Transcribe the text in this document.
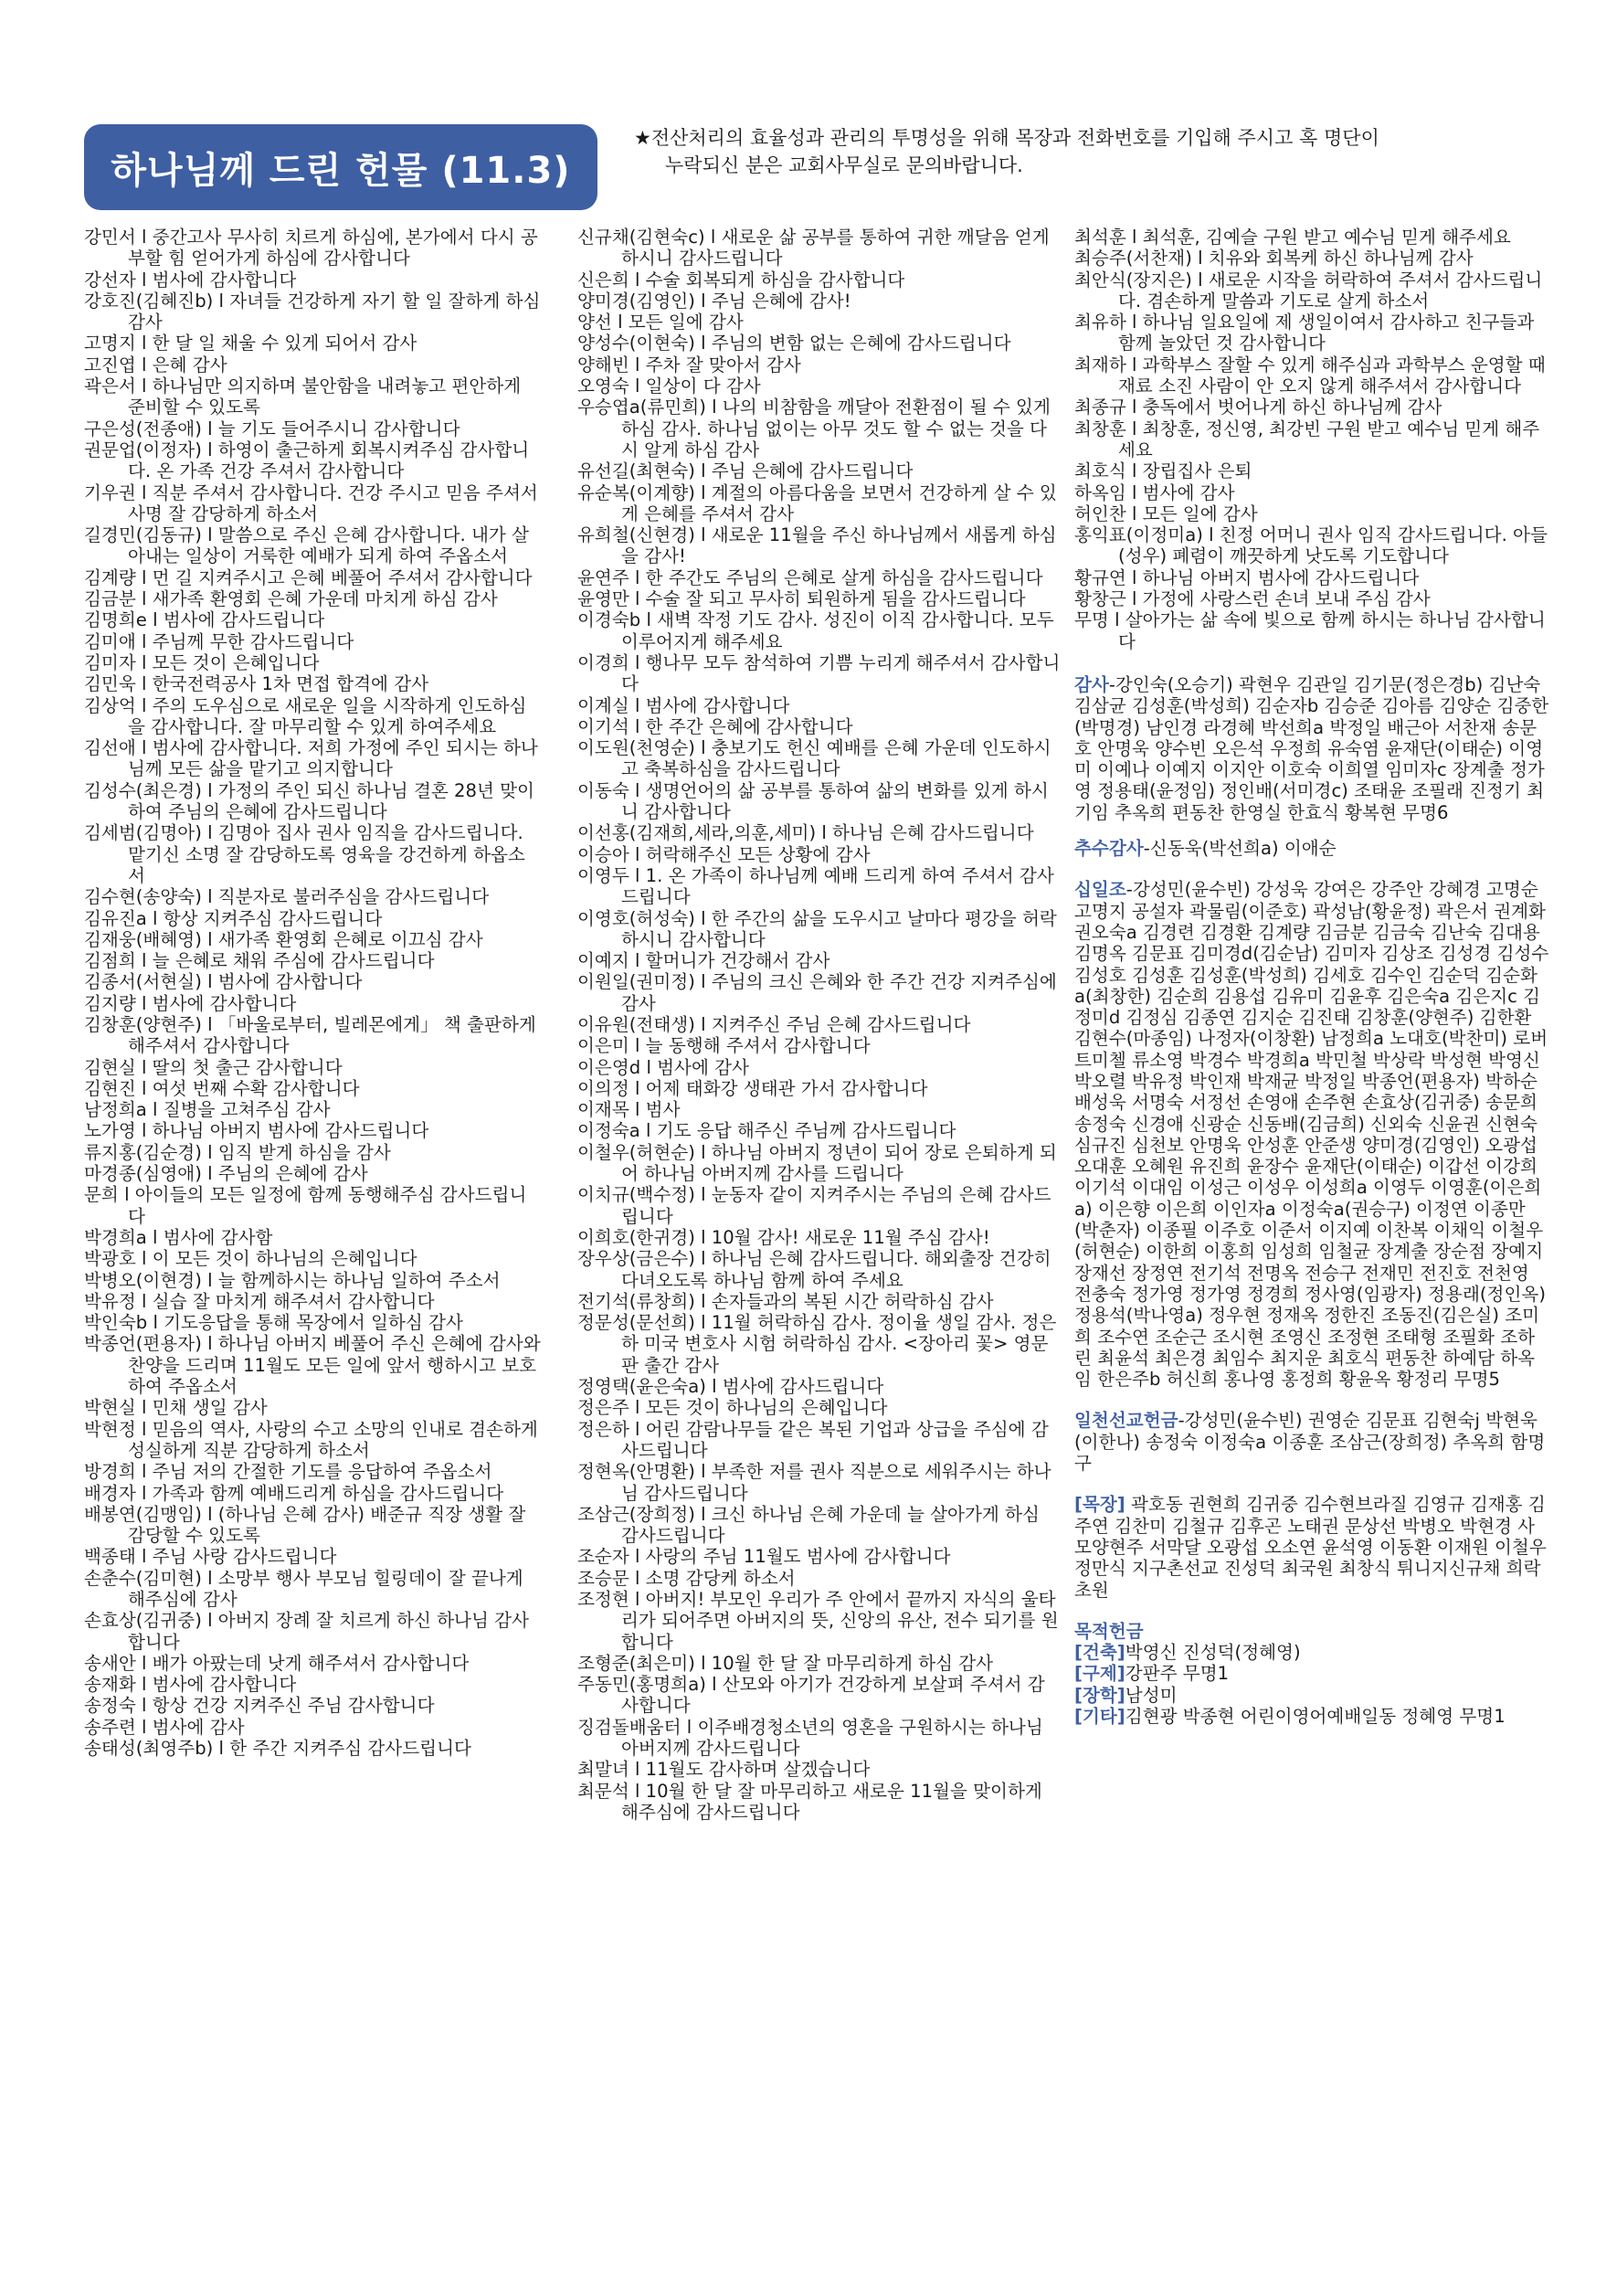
하나님께 드린 헌물 (11.3)
★전산처리의 효율성과 관리의 투명성을 위해 목장과 전화번호를 기입해 주시고 혹 명단이
누락되신 분은 교회사무실로 문의바랍니다.

강민서 l 중간고사 무사히 치르게 하심에, 본가에서 다시 공부할 힘 얻어가게 하심에 감사합니다

강선자 l 범사에 감사합니다

강호진(김혜진b) l 자녀들 건강하게 자기 할 일 잘하게 하심 감사

고명지 l 한 달 일 채울 수 있게 되어서 감사

고진엽 l 은혜 감사

곽은서 l 하나님만 의지하며 불안함을 내려놓고 편안하게 준비할 수 있도록

구은성(전종애) l 늘 기도 들어주시니 감사합니다

권문업(이정자) l 하영이 출근하게 회복시켜주심 감사합니다. 온 가족 건강 주셔서 감사합니다

기우권 l 직분 주셔서 감사합니다. 건강 주시고 믿음 주셔서 사명 잘 감당하게 하소서

길경민(김동규) l 말씀으로 주신 은혜 감사합니다. 내가 살아내는 일상이 거룩한 예배가 되게 하여 주옵소서

김계량 l 먼 길 지켜주시고 은혜 베풀어 주셔서 감사합니다

김금분 l 새가족 환영회 은혜 가운데 마치게 하심 감사

김명희e l 범사에 감사드립니다

김미애 l 주님께 무한 감사드립니다

김미자 l 모든 것이 은혜입니다

김민욱 l 한국전력공사 1차 면접 합격에 감사

김상억 l 주의 도우심으로 새로운 일을 시작하게 인도하심을 감사합니다. 잘 마무리할 수 있게 하여주세요

김선애 l 범사에 감사합니다. 저희 가정에 주인 되시는 하나님께 모든 삶을 맡기고 의지합니다

김성수(최은경) l 가정의 주인 되신 하나님 결혼 28년 맞이하여 주님의 은혜에 감사드립니다

김세범(김명아) l 김명아 집사 권사 임직을 감사드립니다. 맡기신 소명 잘 감당하도록 영육을 강건하게 하옵소서

김수현(송양숙) l 직분자로 불러주심을 감사드립니다

김유진a l 항상 지켜주심 감사드립니다

김재웅(배혜영) l 새가족 환영회 은혜로 이끄심 감사

김점희 l 늘 은혜로 채워 주심에 감사드립니다

김종서(서현실) l 범사에 감사합니다

김지량 l 범사에 감사합니다

김창훈(양현주) l 「바울로부터, 빌레몬에게」 책 출판하게 해주셔서 감사합니다

김현실 l 딸의 첫 출근 감사합니다

김현진 l 여섯 번째 수확 감사합니다

남정희a l 질병을 고쳐주심 감사

노가영 l 하나님 아버지 범사에 감사드립니다

류지홍(김순경) l 임직 받게 하심을 감사

마경종(심영애) l 주님의 은혜에 감사

문희 l 아이들의 모든 일정에 함께 동행해주심 감사드립니다

박경희a l 범사에 감사함

박광호 l 이 모든 것이 하나님의 은혜입니다

박병오(이현경) l 늘 함께하시는 하나님 일하여 주소서

박유정 l 실습 잘 마치게 해주셔서 감사합니다

박인숙b l 기도응답을 통해 목장에서 일하심 감사

박종언(편용자) l 하나님 아버지 베풀어 주신 은혜에 감사와 찬양을 드리며 11월도 모든 일에 앞서 행하시고 보호하여 주옵소서

박현실 l 민채 생일 감사

박현정 l 믿음의 역사, 사랑의 수고 소망의 인내로 겸손하게 성실하게 직분 감당하게 하소서

방경희 l 주님 저의 간절한 기도를 응답하여 주옵소서

배경자 l 가족과 함께 예배드리게 하심을 감사드립니다

배봉연(김맹임) l (하나님 은혜 감사) 배준규 직장 생활 잘 감당할 수 있도록

백종태 l 주님 사랑 감사드립니다

손춘수(김미현) l 소망부 행사 부모님 힐링데이 잘 끝나게 해주심에 감사

손효상(김귀중) l 아버지 장례 잘 치르게 하신 하나님 감사합니다

송새안 l 배가 아팠는데 낫게 해주셔서 감사합니다

송재화 l 범사에 감사합니다

송정숙 l 항상 건강 지켜주신 주님 감사합니다

송주련 l 범사에 감사

송태성(최영주b) l 한 주간 지켜주심 감사드립니다

신규채(김현숙c) l 새로운 삶 공부를 통하여 귀한 깨달음 얻게 하시니 감사드립니다

신은희 l 수술 회복되게 하심을 감사합니다

양미경(김영인) l 주님 은혜에 감사!

양선 l 모든 일에 감사

양성수(이현숙) l 주님의 변함 없는 은혜에 감사드립니다

양해빈 l 주차 잘 맞아서 감사

오영숙 l 일상이 다 감사

우승엽a(류민희) l 나의 비참함을 깨달아 전환점이 될 수 있게 하심 감사. 하나님 없이는 아무 것도 할 수 없는 것을 다시 알게 하심 감사

유선길(최현숙) l 주님 은혜에 감사드립니다

유순복(이계향) l 계절의 아름다움을 보면서 건강하게 살 수 있게 은혜를 주셔서 감사

유희철(신현경) l 새로운 11월을 주신 하나님께서 새롭게 하심을 감사!

윤연주 l 한 주간도 주님의 은혜로 살게 하심을 감사드립니다

윤영만 l 수술 잘 되고 무사히 퇴원하게 됨을 감사드립니다

이경숙b l 새벽 작정 기도 감사. 성진이 이직 감사합니다. 모두 이루어지게 해주세요

이경희 l 행나무 모두 참석하여 기쁨 누리게 해주셔서 감사합니다

이계실 l 범사에 감사합니다

이기석 l 한 주간 은혜에 감사합니다

이도원(천영순) l 충보기도 헌신 예배를 은혜 가운데 인도하시고 축복하심을 감사드립니다

이동숙 l 생명언어의 삶 공부를 통하여 삶의 변화를 있게 하시니 감사합니다

이선홍(김재희,세라,의훈,세미) l 하나님 은혜 감사드립니다

이승아 l 허락해주신 모든 상황에 감사

이영두 l 1. 온 가족이 하나님께 예배 드리게 하여 주셔서 감사드립니다

이영호(허성숙) l 한 주간의 삶을 도우시고 날마다 평강을 허락하시니 감사합니다

이예지 l 할머니가 건강해서 감사

이원일(권미정) l 주님의 크신 은혜와 한 주간 건강 지켜주심에 감사

이유원(전태생) l 지켜주신 주님 은혜 감사드립니다

이은미 l 늘 동행해 주셔서 감사합니다

이은영d l 범사에 감사

이의정 l 어제 태화강 생태관 가서 감사합니다

이재목 l 범사

이정숙a l 기도 응답 해주신 주님께 감사드립니다

이철우(허현순) l 하나님 아버지 정년이 되어 장로 은퇴하게 되어 하나님 아버지께 감사를 드립니다

이치규(백수정) l 눈동자 같이 지켜주시는 주님의 은혜 감사드립니다

이희호(한귀경) l 10월 감사! 새로운 11월 주심 감사!

장우상(금은수) l 하나님 은혜 감사드립니다. 해외출장 건강히 다녀오도록 하나님 함께 하여 주세요

전기석(류창희) l 손자들과의 복된 시간 허락하심 감사

정문성(문선희) l 11월 허락하심 감사. 정이율 생일 감사. 정은하 미국 변호사 시험 허락하심 감사. <장아리 꽃> 영문판 출간 감사

정영택(윤은숙a) l 범사에 감사드립니다

정은주 l 모든 것이 하나님의 은혜입니다

정은하 l 어린 감람나무들 같은 복된 기업과 상급을 주심에 감사드립니다

정현옥(안명환) l 부족한 저를 권사 직분으로 세워주시는 하나님 감사드립니다

조삼근(장희정) l 크신 하나님 은혜 가운데 늘 살아가게 하심 감사드립니다

조순자 l 사랑의 주님 11월도 범사에 감사합니다

조승문 l 소명 감당케 하소서

조정현 l 아버지! 부모인 우리가 주 안에서 끝까지 자식의 울타리가 되어주면 아버지의 뜻, 신앙의 유산, 전수 되기를 원합니다

조형준(최은미) l 10월 한 달 잘 마무리하게 하심 감사

주동민(홍명희a) l 산모와 아기가 건강하게 보살펴 주셔서 감사합니다

징검돌배움터 l 이주배경청소년의 영혼을 구원하시는 하나님 아버지께 감사드립니다

최말녀 l 11월도 감사하며 살겠습니다

최문석 l 10월 한 달 잘 마무리하고 새로운 11월을 맞이하게 해주심에 감사드립니다

최석훈 l 최석훈, 김예슬 구원 받고 예수님 믿게 해주세요

최승주(서찬재) l 치유와 회복케 하신 하나님께 감사

최안식(장지은) l 새로운 시작을 허락하여 주셔서 감사드립니다. 겸손하게 말씀과 기도로 살게 하소서

최유하 l 하나님 일요일에 제 생일이여서 감사하고 친구들과 함께 놀았던 것 감사합니다

최재하 l 과학부스 잘할 수 있게 해주심과 과학부스 운영할 때 재료 소진 사람이 안 오지 않게 해주셔서 감사합니다

최종규 l 충독에서 벗어나게 하신 하나님께 감사

최창훈 l 최창훈, 정신영, 최강빈 구원 받고 예수님 믿게 해주세요

최호식 l 장립집사 은퇴

하옥임 l 범사에 감사

허인찬 l 모든 일에 감사

홍익표(이정미a) l 친정 어머니 권사 임직 감사드립니다. 아들(성우) 폐렴이 깨끗하게 낫도록 기도합니다

황규연 l 하나님 아버지 범사에 감사드립니다

황창근 l 가정에 사랑스런 손녀 보내 주심 감사

무명 l 살아가는 삶 속에 빛으로 함께 하시는 하나님 감사합니다

감사-강인숙(오승기) 곽현우 김관일 김기문(정은경b) 김난숙 김삼균 김성훈(박성희) 김순자b 김승준 김아름 김양순 김중한(박명경) 남인경 라경혜 박선희a 박정일 배근아 서찬재 송문호 안명욱 양수빈 오은석 우정희 유숙염 윤재단(이태순) 이영미 이예나 이예지 이지안 이호숙 이희열 임미자c 장계출 정가영 정용태(윤정임) 정인배(서미경c) 조태윤 조필래 진정기 최기임 추옥희 편동찬 한영실 한효식 황복현 무명6
추수감사-신동욱(박선희a) 이애순
십일조-강성민(윤수빈) 강성욱 강여은 강주안 강혜경 고명순 고명지 공설자 곽물림(이준호) 곽성남(황윤정) 곽은서 권계화 권오숙a 김경련 김경환 김계량 김금분 김금숙 김난숙 김대용 김명옥 김문표 김미경d(김순남) 김미자 김상조 김성경 김성수 김성호 김성훈 김성훈(박성희) 김세호 김수인 김순덕 김순화a(최창한) 김순희 김용섭 김유미 김윤후 김은숙a 김은지c 김정미d 김정심 김종연 김지순 김진태 김창훈(양현주) 김한환 김현수(마종임) 나정자(이창환) 남정희a 노대호(박찬미) 로버트미첼 류소영 박경수 박경희a 박민철 박상락 박성현 박영신 박오렬 박유정 박인재 박재균 박정일 박종언(편용자) 박하순 배성욱 서명숙 서정선 손영애 손주현 손효상(김귀중) 송문희 송정숙 신경애 신광순 신동배(김금희) 신외숙 신윤권 신현숙 심규진 심천보 안명욱 안성훈 안준생 양미경(김영인) 오광섭 오대훈 오혜원 유진희 윤장수 윤재단(이태순) 이갑선 이강희 이기석 이대임 이성근 이성우 이성희a 이영두 이영훈(이은희a) 이은향 이은희 이인자a 이정숙a(권승구) 이정연 이종만(박춘자) 이종필 이주호 이준서 이지예 이찬복 이채익 이철우(허현순) 이한희 이홍희 임성희 임철균 장계출 장순점 장예지 장재선 장정연 전기석 전명옥 전승구 전재민 전진호 전천영 전충숙 정가영 정가영 정경희 정사영(임광자) 정용래(정인옥) 정용석(박나영a) 정우현 정재옥 정한진 조동진(김은실) 조미희 조수연 조순근 조시현 조영신 조정현 조태형 조필화 조하린 최윤석 최은경 최임수 최지운 최호식 편동찬 하예담 하옥임 한은주b 허신희 홍나영 홍정희 황윤옥 황정리 무명5
일천선교헌금-강성민(윤수빈) 권영순 김문표 김현숙j 박현욱(이한나) 송정숙 이정숙a 이종훈 조삼근(장희정) 추옥희 함명구
[목장] 곽호동 권현희 김귀중 김수현브라질 김영규 김재홍 김주연 김찬미 김철규 김후곤 노태권 문상선 박병오 박현경 사모양현주 서막달 오광섭 오소연 윤석영 이동환 이재원 이철우 정만식 지구촌선교 진성덕 최국원 최창식 튀니지신규채 희락초원
목적헌금
[건축] 박영신 진성덕(정혜영)
[구제] 강판주 무명1
[장학] 남성미
[기타] 김현광 박종현 어린이영어예배일동 정혜영 무명1
